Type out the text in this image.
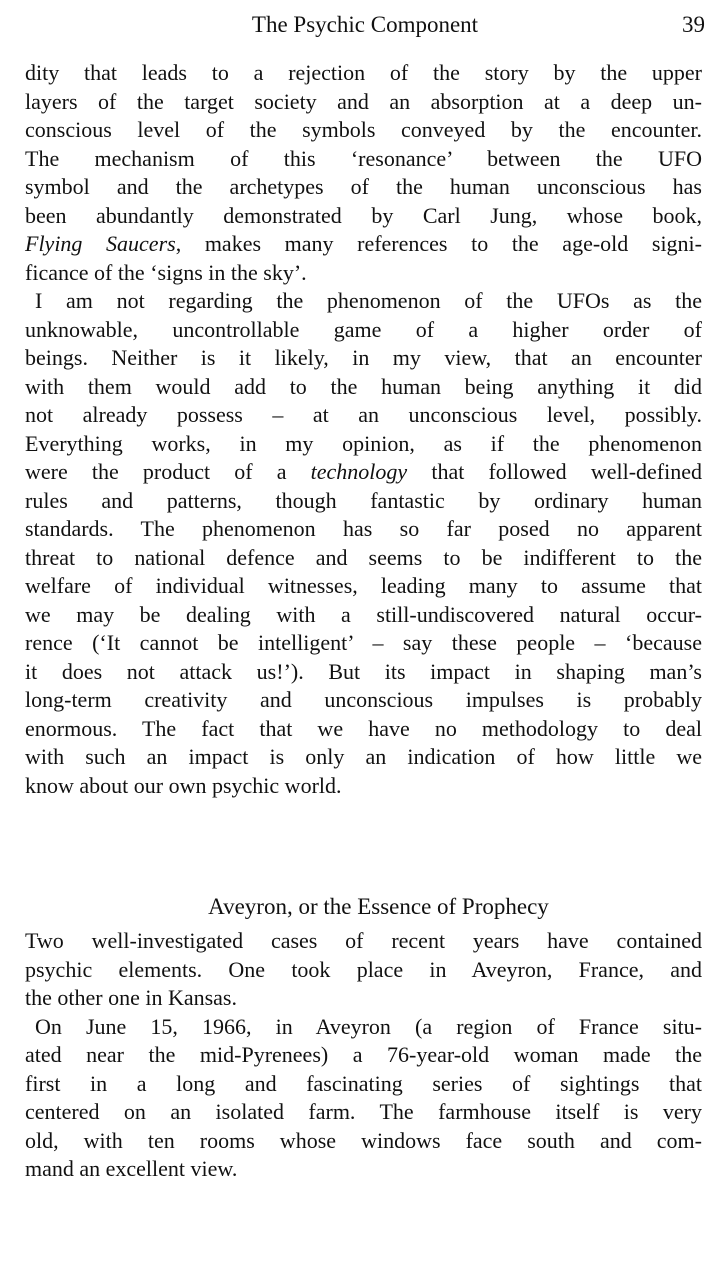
The Psychic Component	39
dity that leads to a rejection of the story by the upper
layers of the target society and an absorption at a deep un-
conscious level of the symbols conveyed by the encounter.
The mechanism of this ‘resonance’ between the UFO
symbol and the archetypes of the human unconscious has
been abundantly demonstrated by Carl Jung, whose book,
Flying Saucers, makes many references to the age-old signi-
ficance of the ‘signs in the sky’.
I am not regarding the phenomenon of the UFOs as the
unknowable, uncontrollable game of a higher order of
beings. Neither is it likely, in my view, that an encounter
with them would add to the human being anything it did
not already possess – at an unconscious level, possibly.
Everything works, in my opinion, as if the phenomenon
were the product of a technology that followed well-defined
rules and patterns, though fantastic by ordinary human
standards. The phenomenon has so far posed no apparent
threat to national defence and seems to be indifferent to the
welfare of individual witnesses, leading many to assume that
we may be dealing with a still-undiscovered natural occur-
rence (‘It cannot be intelligent’ – say these people – ‘because
it does not attack us!’). But its impact in shaping man’s
long-term creativity and unconscious impulses is probably
enormous. The fact that we have no methodology to deal
with such an impact is only an indication of how little we
know about our own psychic world.
Aveyron, or the Essence of Prophecy
Two well-investigated cases of recent years have contained
psychic elements. One took place in Aveyron, France, and
the other one in Kansas.
On June 15, 1966, in Aveyron (a region of France situ-
ated near the mid-Pyrenees) a 76-year-old woman made the
first in a long and fascinating series of sightings that
centered on an isolated farm. The farmhouse itself is very
old, with ten rooms whose windows face south and com-
mand an excellent view.
